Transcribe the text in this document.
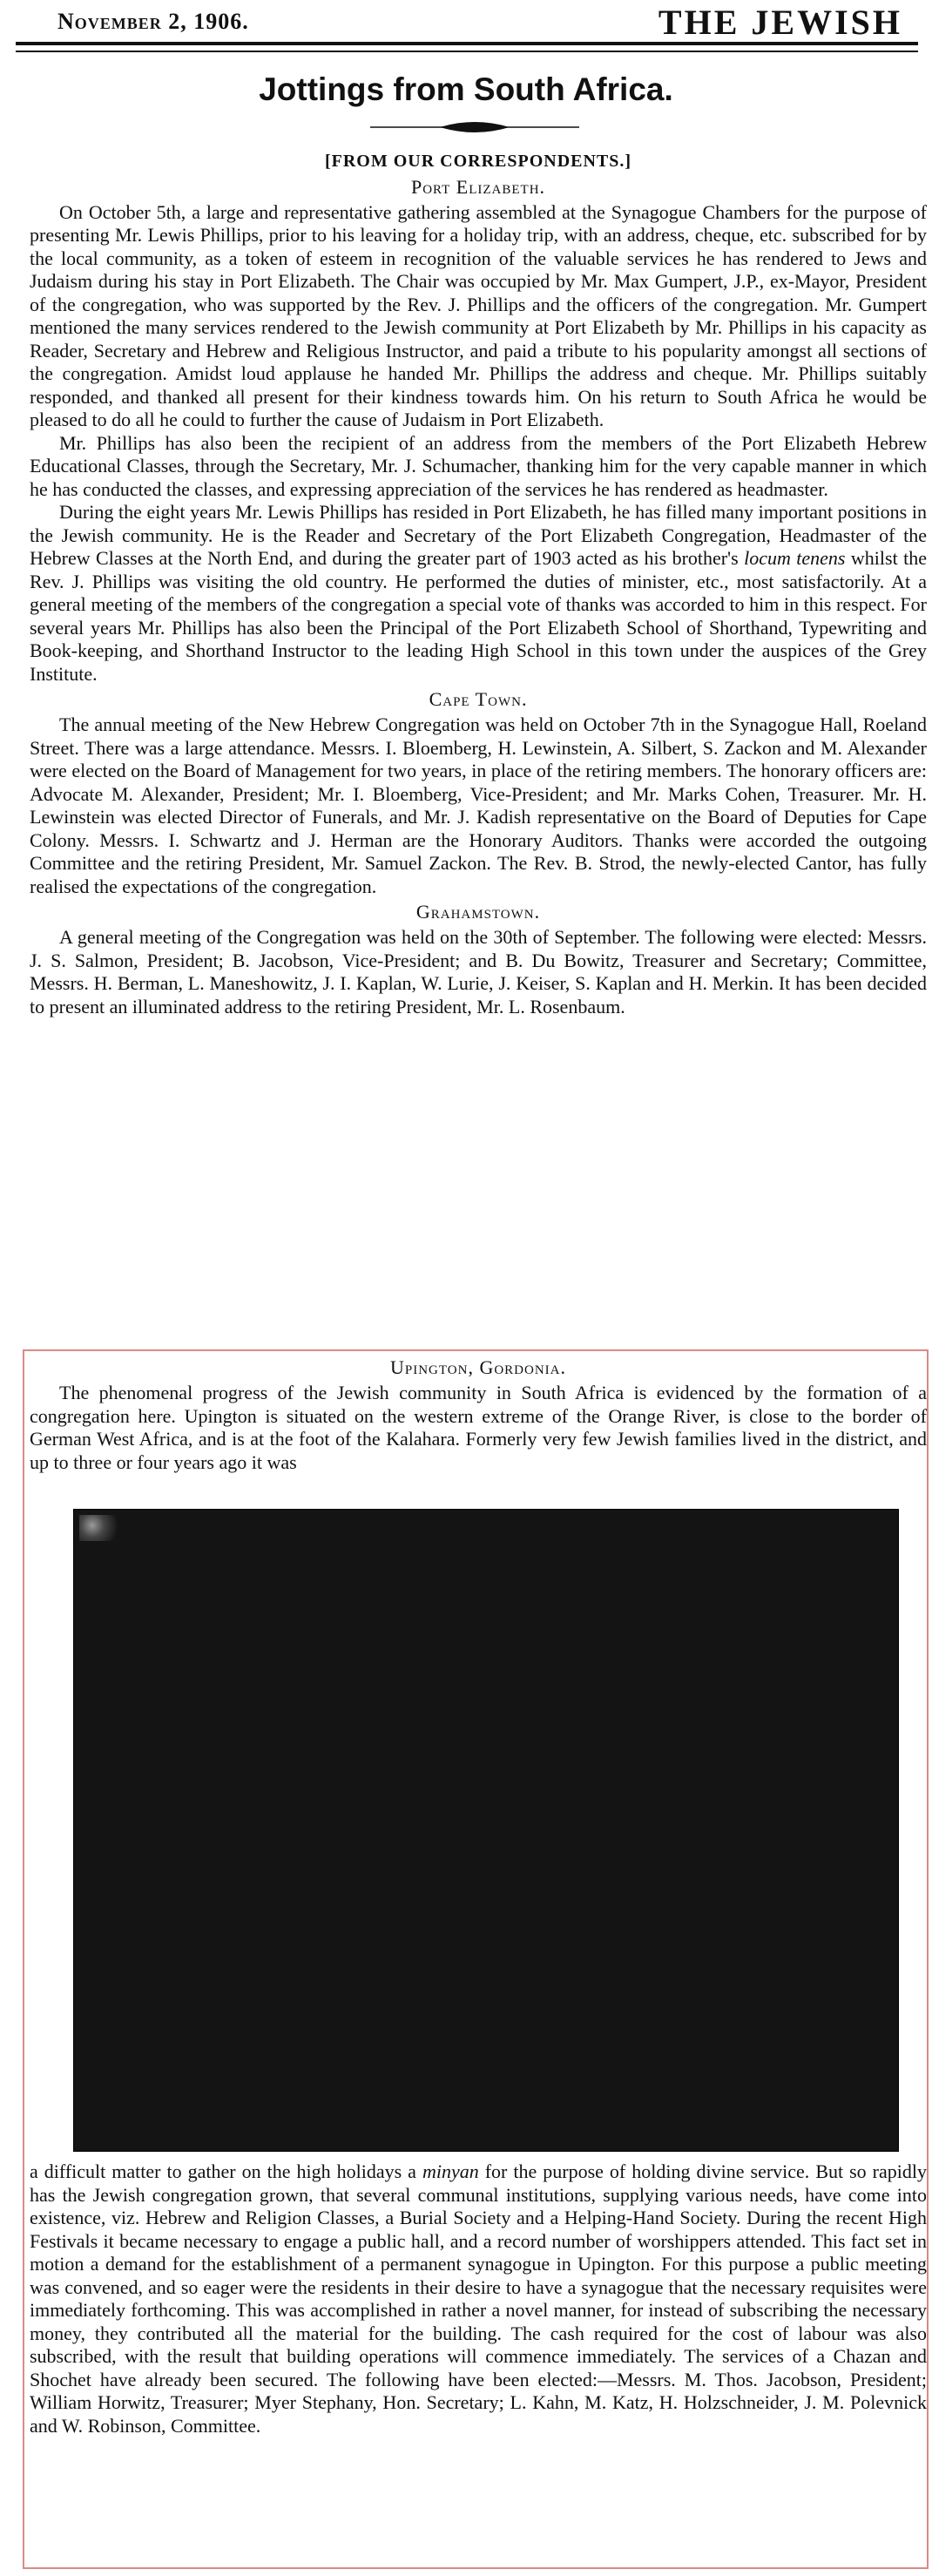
November 2, 1906.	THE JEWISH
Jottings from South Africa.
[FROM OUR CORRESPONDENTS.]
Port Elizabeth.

On October 5th, a large and representative gathering assembled at the Synagogue Chambers for the purpose of presenting Mr. Lewis Phillips, prior to his leaving for a holiday trip, with an address, cheque, etc. subscribed for by the local community, as a token of esteem in recognition of the valuable services he has rendered to Jews and Judaism during his stay in Port Elizabeth. The Chair was occupied by Mr. Max Gumpert, J.P., ex-Mayor, President of the congregation, who was supported by the Rev. J. Phillips and the officers of the congregation. Mr. Gumpert mentioned the many services rendered to the Jewish community at Port Elizabeth by Mr. Phillips in his capacity as Reader, Secretary and Hebrew and Religious Instructor, and paid a tribute to his popularity amongst all sections of the congregation. Amidst loud applause he handed Mr. Phillips the address and cheque. Mr. Phillips suitably responded, and thanked all present for their kindness towards him. On his return to South Africa he would be pleased to do all he could to further the cause of Judaism in Port Elizabeth.

Mr. Phillips has also been the recipient of an address from the members of the Port Elizabeth Hebrew Educational Classes, through the Secretary, Mr. J. Schumacher, thanking him for the very capable manner in which he has conducted the classes, and expressing appreciation of the services he has rendered as headmaster.

During the eight years Mr. Lewis Phillips has resided in Port Elizabeth, he has filled many important positions in the Jewish community. He is the Reader and Secretary of the Port Elizabeth Congregation, Headmaster of the Hebrew Classes at the North End, and during the greater part of 1903 acted as his brother's locum tenens whilst the Rev. J. Phillips was visiting the old country. He performed the duties of minister, etc., most satisfactorily. At a general meeting of the members of the congregation a special vote of thanks was accorded to him in this respect. For several years Mr. Phillips has also been the Principal of the Port Elizabeth School of Shorthand, Typewriting and Book-keeping, and Shorthand Instructor to the leading High School in this town under the auspices of the Grey Institute.

Cape Town.

The annual meeting of the New Hebrew Congregation was held on October 7th in the Synagogue Hall, Roeland Street. There was a large attendance. Messrs. I. Bloemberg, H. Lewinstein, A. Silbert, S. Zackon and M. Alexander were elected on the Board of Management for two years, in place of the retiring members. The honorary officers are: Advocate M. Alexander, President; Mr. I. Bloemberg, Vice-President; and Mr. Marks Cohen, Treasurer. Mr. H. Lewinstein was elected Director of Funerals, and Mr. J. Kadish representative on the Board of Deputies for Cape Colony. Messrs. I. Schwartz and J. Herman are the Honorary Auditors. Thanks were accorded the outgoing Committee and the retiring President, Mr. Samuel Zackon. The Rev. B. Strod, the newly-elected Cantor, has fully realised the expectations of the congregation.

Grahamstown.

A general meeting of the Congregation was held on the 30th of September. The following were elected: Messrs. J. S. Salmon, President; B. Jacobson, Vice-President; and B. Du Bowitz, Treasurer and Secretary; Committee, Messrs. H. Berman, L. Maneshowitz, J. I. Kaplan, W. Lurie, J. Keiser, S. Kaplan and H. Merkin. It has been decided to present an illuminated address to the retiring President, Mr. L. Rosenbaum.

Upington, Gordonia.

The phenomenal progress of the Jewish community in South Africa is evidenced by the formation of a congregation here. Upington is situated on the western extreme of the Orange River, is close to the border of German West Africa, and is at the foot of the Kalahara. Formerly very few Jewish families lived in the district, and up to three or four years ago it was

a difficult matter to gather on the high holidays a minyan for the purpose of holding divine service. But so rapidly has the Jewish congregation grown, that several communal institutions, supplying various needs, have come into existence, viz. Hebrew and Religion Classes, a Burial Society and a Helping-Hand Society. During the recent High Festivals it became necessary to engage a public hall, and a record number of worshippers attended. This fact set in motion a demand for the establishment of a permanent synagogue in Upington. For this purpose a public meeting was convened, and so eager were the residents in their desire to have a synagogue that the necessary requisites were immediately forthcoming. This was accomplished in rather a novel manner, for instead of subscribing the necessary money, they contributed all the material for the building. The cash required for the cost of labour was also subscribed, with the result that building operations will commence immediately. The services of a Chazan and Shochet have already been secured. The following have been elected:—Messrs. M. Thos. Jacobson, President; William Horwitz, Treasurer; Myer Stephany, Hon. Secretary; L. Kahn, M. Katz, H. Holzschneider, J. M. Polevnick and W. Robinson, Committee.
